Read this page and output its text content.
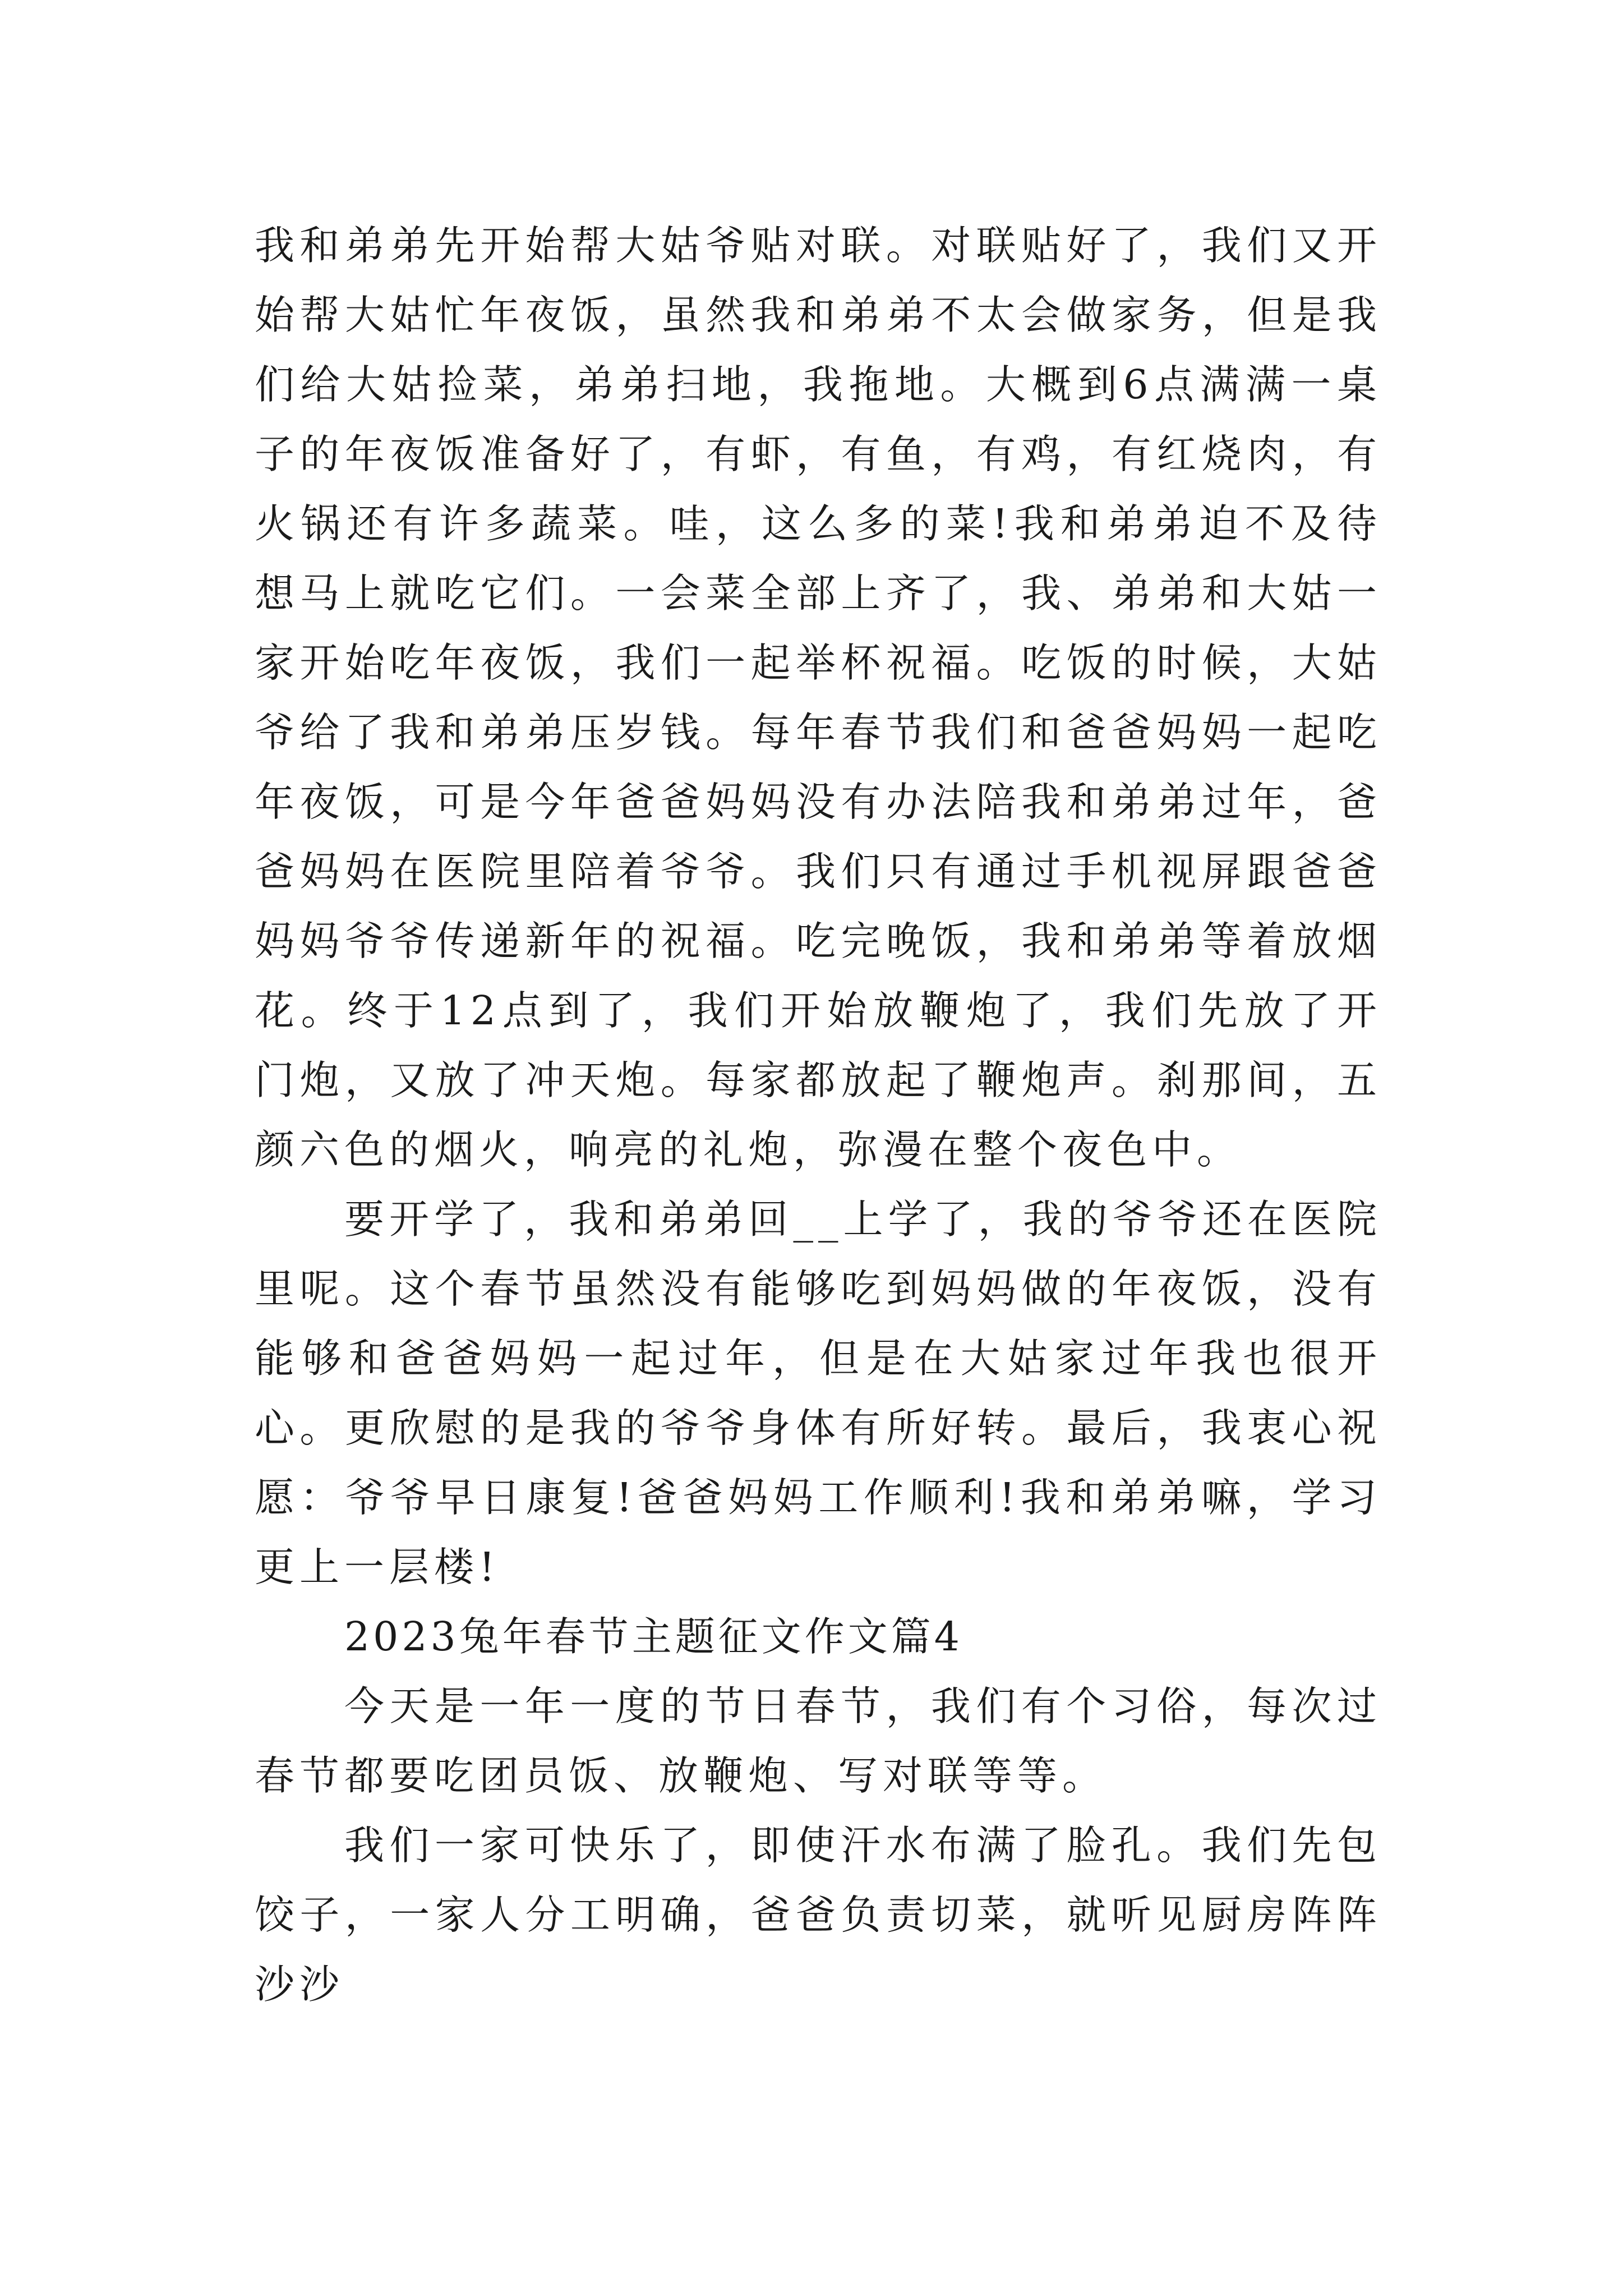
我和弟弟先开始帮大姑爷贴对联。对联贴好了，我们又开始帮大姑忙年夜饭，虽然我和弟弟不太会做家务，但是我们给大姑捡菜，弟弟扫地，我拖地。大概到6点满满一桌子的年夜饭准备好了，有虾，有鱼，有鸡，有红烧肉，有火锅还有许多蔬菜。哇，这么多的菜!我和弟弟迫不及待想马上就吃它们。一会菜全部上齐了，我、弟弟和大姑一家开始吃年夜饭，我们一起举杯祝福。吃饭的时候，大姑爷给了我和弟弟压岁钱。每年春节我们和爸爸妈妈一起吃年夜饭，可是今年爸爸妈妈没有办法陪我和弟弟过年，爸爸妈妈在医院里陪着爷爷。我们只有通过手机视屏跟爸爸妈妈爷爷传递新年的祝福。吃完晚饭，我和弟弟等着放烟花。终于12点到了，我们开始放鞭炮了，我们先放了开门炮，又放了冲天炮。每家都放起了鞭炮声。刹那间，五颜六色的烟火，响亮的礼炮，弥漫在整个夜色中。

要开学了，我和弟弟回__上学了，我的爷爷还在医院里呢。这个春节虽然没有能够吃到妈妈做的年夜饭，没有能够和爸爸妈妈一起过年，但是在大姑家过年我也很开心。更欣慰的是我的爷爷身体有所好转。最后，我衷心祝愿：爷爷早日康复!爸爸妈妈工作顺利!我和弟弟嘛，学习更上一层楼!

2023兔年春节主题征文作文篇4

今天是一年一度的节日春节，我们有个习俗，每次过春节都要吃团员饭、放鞭炮、写对联等等。

我们一家可快乐了，即使汗水布满了脸孔。我们先包饺子，一家人分工明确，爸爸负责切菜，就听见厨房阵阵沙沙
